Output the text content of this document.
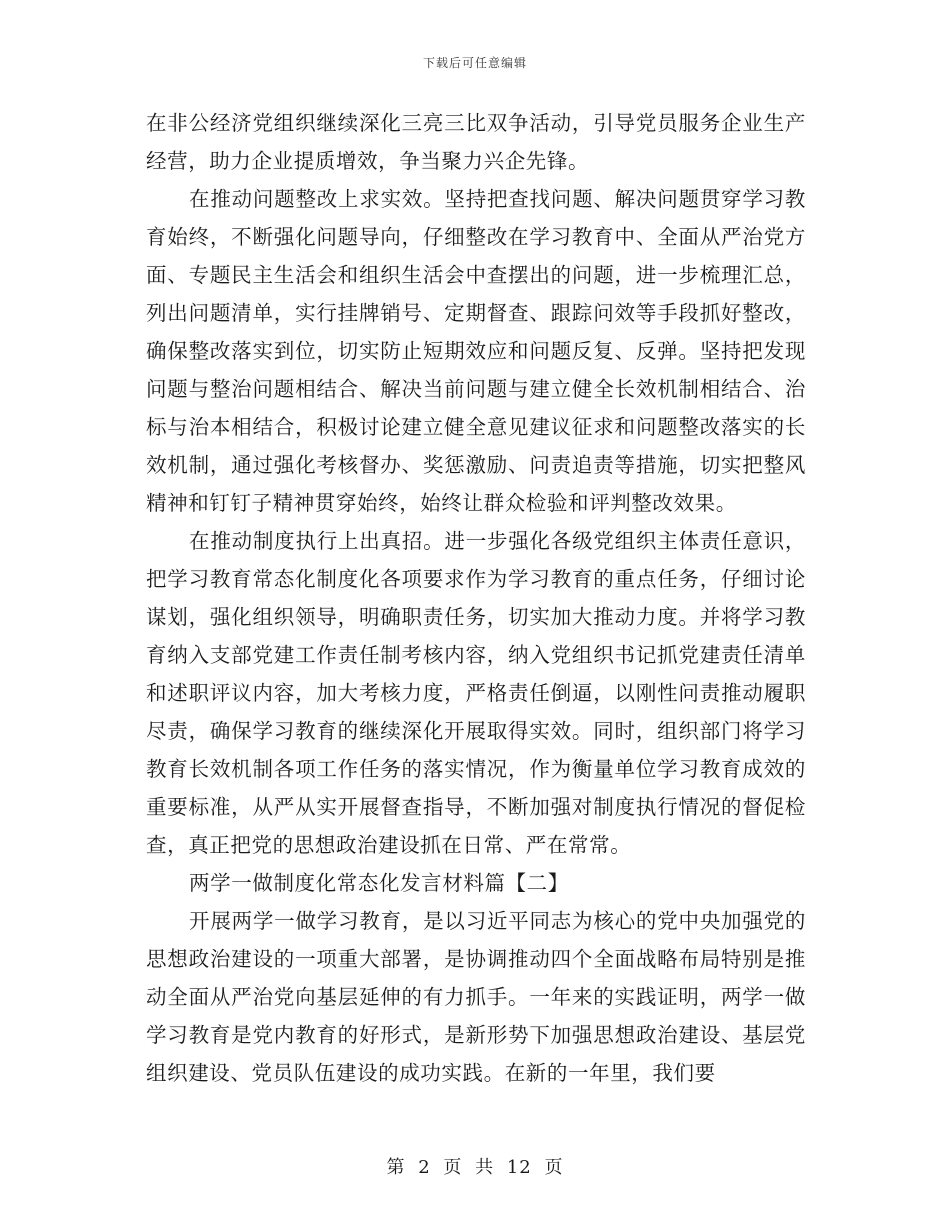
下载后可任意编辑

在非公经济党组织继续深化三亮三比双争活动，引导党员服务企业生产经营，助力企业提质增效，争当聚力兴企先锋。

在推动问题整改上求实效。坚持把查找问题、解决问题贯穿学习教育始终，不断强化问题导向，仔细整改在学习教育中、全面从严治党方面、专题民主生活会和组织生活会中查摆出的问题，进一步梳理汇总，列出问题清单，实行挂牌销号、定期督查、跟踪问效等手段抓好整改，确保整改落实到位，切实防止短期效应和问题反复、反弹。坚持把发现问题与整治问题相结合、解决当前问题与建立健全长效机制相结合、治标与治本相结合，积极讨论建立健全意见建议征求和问题整改落实的长效机制，通过强化考核督办、奖惩激励、问责追责等措施，切实把整风精神和钉钉子精神贯穿始终，始终让群众检验和评判整改效果。

在推动制度执行上出真招。进一步强化各级党组织主体责任意识，把学习教育常态化制度化各项要求作为学习教育的重点任务，仔细讨论谋划，强化组织领导，明确职责任务，切实加大推动力度。并将学习教育纳入支部党建工作责任制考核内容，纳入党组织书记抓党建责任清单和述职评议内容，加大考核力度，严格责任倒逼，以刚性问责推动履职尽责，确保学习教育的继续深化开展取得实效。同时，组织部门将学习教育长效机制各项工作任务的落实情况，作为衡量单位学习教育成效的重要标准，从严从实开展督查指导，不断加强对制度执行情况的督促检查，真正把党的思想政治建设抓在日常、严在常常。

两学一做制度化常态化发言材料篇【二】

开展两学一做学习教育，是以习近平同志为核心的党中央加强党的思想政治建设的一项重大部署，是协调推动四个全面战略布局特别是推动全面从严治党向基层延伸的有力抓手。一年来的实践证明，两学一做学习教育是党内教育的好形式，是新形势下加强思想政治建设、基层党组织建设、党员队伍建设的成功实践。在新的一年里，我们要

第 2 页 共 12 页
